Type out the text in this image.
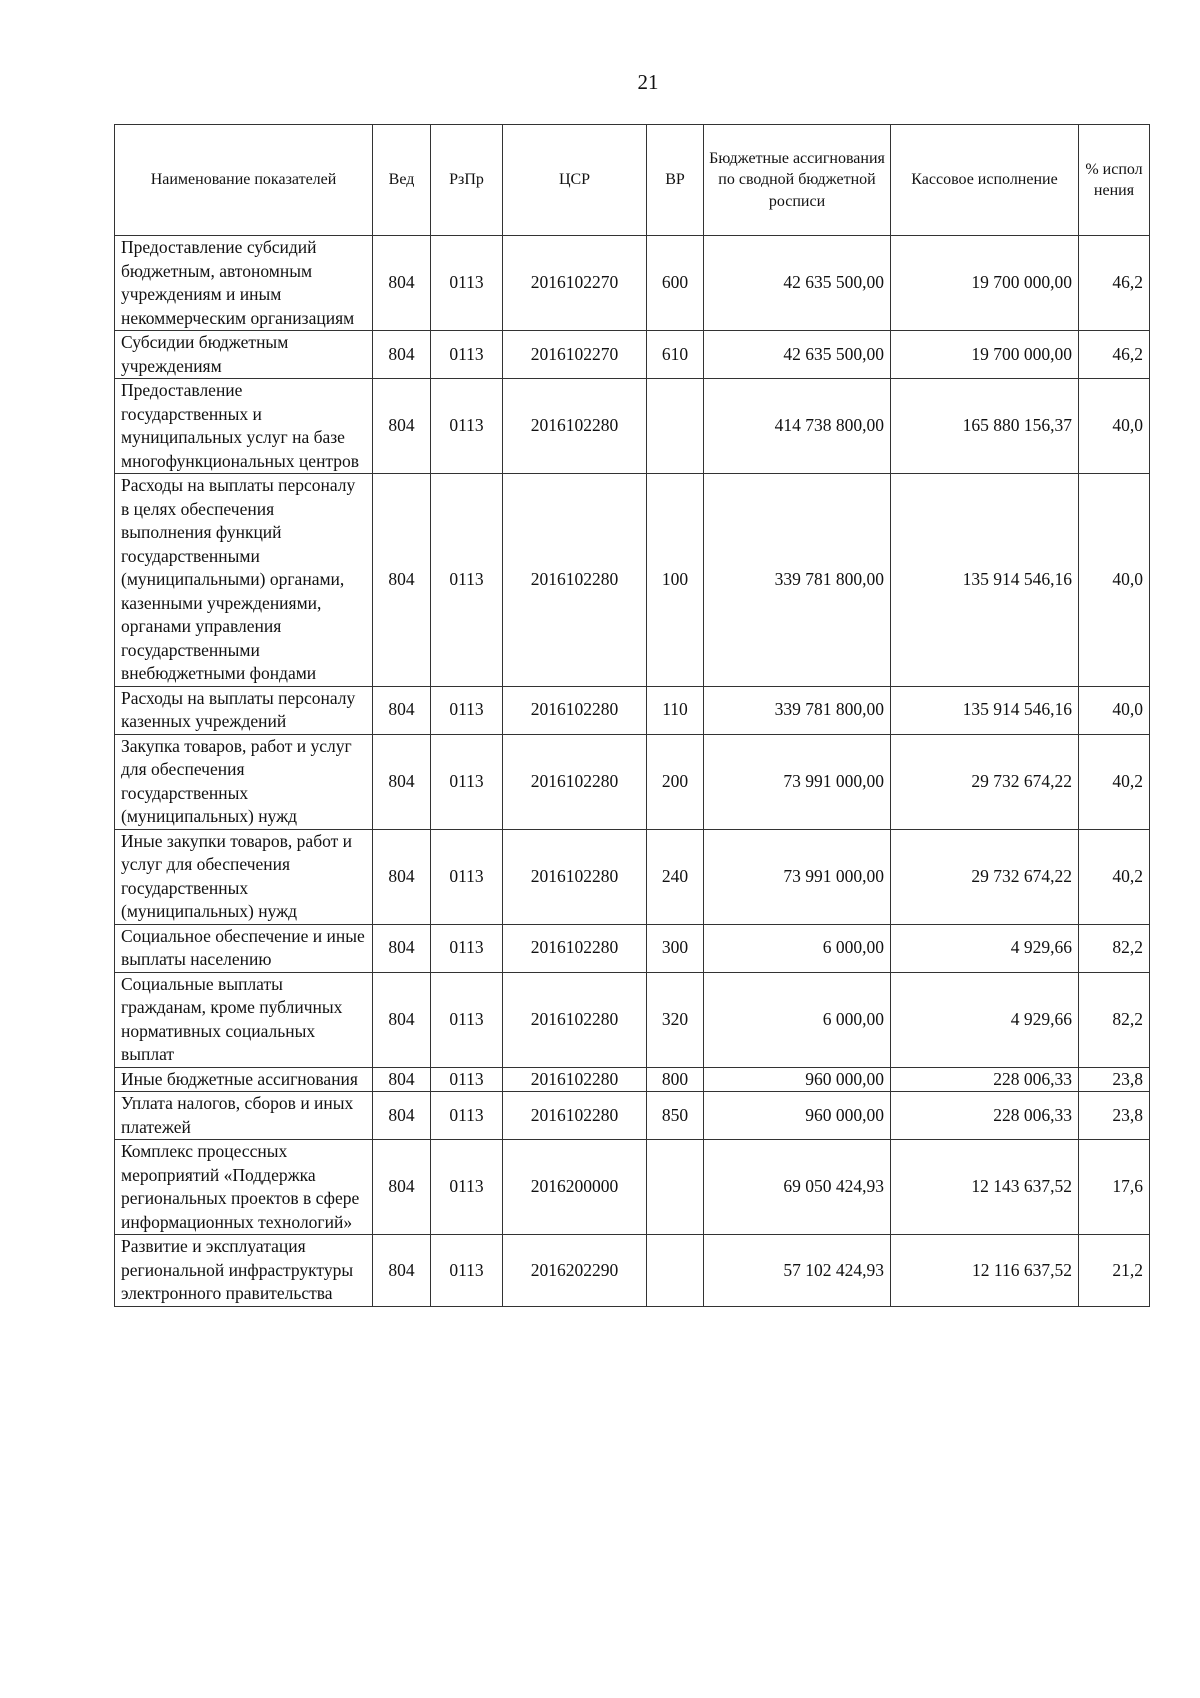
21
Наименование показателей	Вед	РзПр	ЦСР	ВР	Бюджетные ассигнования по сводной бюджетной росписи	Кассовое исполнение	% испол нения
Предоставление субсидий бюджетным, автономным учреждениям и иным некоммерческим организациям	804	0113	2016102270	600	42 635 500,00	19 700 000,00	46,2
Субсидии бюджетным учреждениям	804	0113	2016102270	610	42 635 500,00	19 700 000,00	46,2
Предоставление государственных и муниципальных услуг на базе многофункциональных центров	804	0113	2016102280		414 738 800,00	165 880 156,37	40,0
Расходы на выплаты персоналу в целях обеспечения выполнения функций государственными (муниципальными) органами, казенными учреждениями, органами управления государственными внебюджетными фондами	804	0113	2016102280	100	339 781 800,00	135 914 546,16	40,0
Расходы на выплаты персоналу казенных учреждений	804	0113	2016102280	110	339 781 800,00	135 914 546,16	40,0
Закупка товаров, работ и услуг для обеспечения государственных (муниципальных) нужд	804	0113	2016102280	200	73 991 000,00	29 732 674,22	40,2
Иные закупки товаров, работ и услуг для обеспечения государственных (муниципальных) нужд	804	0113	2016102280	240	73 991 000,00	29 732 674,22	40,2
Социальное обеспечение и иные выплаты населению	804	0113	2016102280	300	6 000,00	4 929,66	82,2
Социальные выплаты гражданам, кроме публичных нормативных социальных выплат	804	0113	2016102280	320	6 000,00	4 929,66	82,2
Иные бюджетные ассигнования	804	0113	2016102280	800	960 000,00	228 006,33	23,8
Уплата налогов, сборов и иных платежей	804	0113	2016102280	850	960 000,00	228 006,33	23,8
Комплекс процессных мероприятий «Поддержка региональных проектов в сфере информационных технологий»	804	0113	2016200000		69 050 424,93	12 143 637,52	17,6
Развитие и эксплуатация региональной инфраструктуры электронного правительства	804	0113	2016202290		57 102 424,93	12 116 637,52	21,2
